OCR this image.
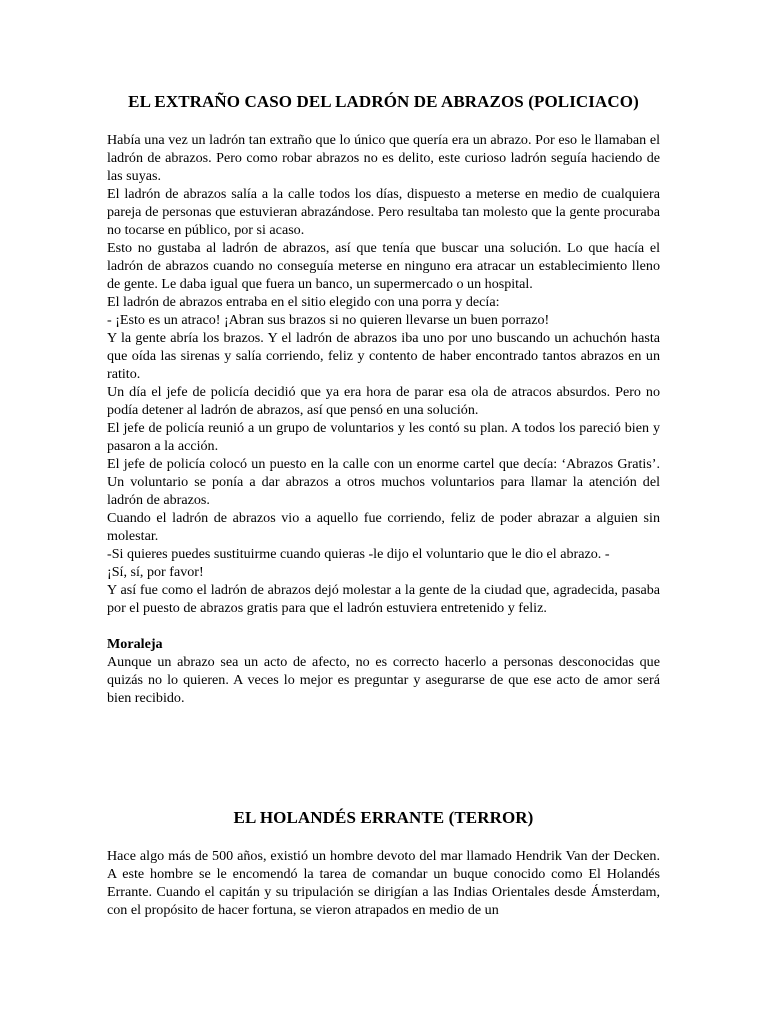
EL EXTRAÑO CASO DEL LADRÓN DE ABRAZOS (POLICIACO)

Había una vez un ladrón tan extraño que lo único que quería era un abrazo. Por eso le llamaban el ladrón de abrazos. Pero como robar abrazos no es delito, este curioso ladrón seguía haciendo de las suyas.

El ladrón de abrazos salía a la calle todos los días, dispuesto a meterse en medio de cualquiera pareja de personas que estuvieran abrazándose. Pero resultaba tan molesto que la gente procuraba no tocarse en público, por si acaso.

Esto no gustaba al ladrón de abrazos, así que tenía que buscar una solución. Lo que hacía el ladrón de abrazos cuando no conseguía meterse en ninguno era atracar un establecimiento lleno de gente. Le daba igual que fuera un banco, un supermercado o un hospital.

El ladrón de abrazos entraba en el sitio elegido con una porra y decía:

- ¡Esto es un atraco! ¡Abran sus brazos si no quieren llevarse un buen porrazo!

Y la gente abría los brazos. Y el ladrón de abrazos iba uno por uno buscando un achuchón hasta que oída las sirenas y salía corriendo, feliz y contento de haber encontrado tantos abrazos en un ratito.

Un día el jefe de policía decidió que ya era hora de parar esa ola de atracos absurdos. Pero no podía detener al ladrón de abrazos, así que pensó en una solución.

El jefe de policía reunió a un grupo de voluntarios y les contó su plan. A todos los pareció bien y pasaron a la acción.

El jefe de policía colocó un puesto en la calle con un enorme cartel que decía: ‘Abrazos Gratis’. Un voluntario se ponía a dar abrazos a otros muchos voluntarios para llamar la atención del ladrón de abrazos.

Cuando el ladrón de abrazos vio a aquello fue corriendo, feliz de poder abrazar a alguien sin molestar.

-Si quieres puedes sustituirme cuando quieras -le dijo el voluntario que le dio el abrazo. -

¡Sí, sí, por favor!

Y así fue como el ladrón de abrazos dejó molestar a la gente de la ciudad que, agradecida, pasaba por el puesto de abrazos gratis para que el ladrón estuviera entretenido y feliz.

Moraleja

Aunque un abrazo sea un acto de afecto, no es correcto hacerlo a personas desconocidas que quizás no lo quieren. A veces lo mejor es preguntar y asegurarse de que ese acto de amor será bien recibido.

EL HOLANDÉS ERRANTE (TERROR)

Hace algo más de 500 años, existió un hombre devoto del mar llamado Hendrik Van der Decken. A este hombre se le encomendó la tarea de comandar un buque conocido como El Holandés Errante. Cuando el capitán y su tripulación se dirigían a las Indias Orientales desde Ámsterdam, con el propósito de hacer fortuna, se vieron atrapados en medio de un
